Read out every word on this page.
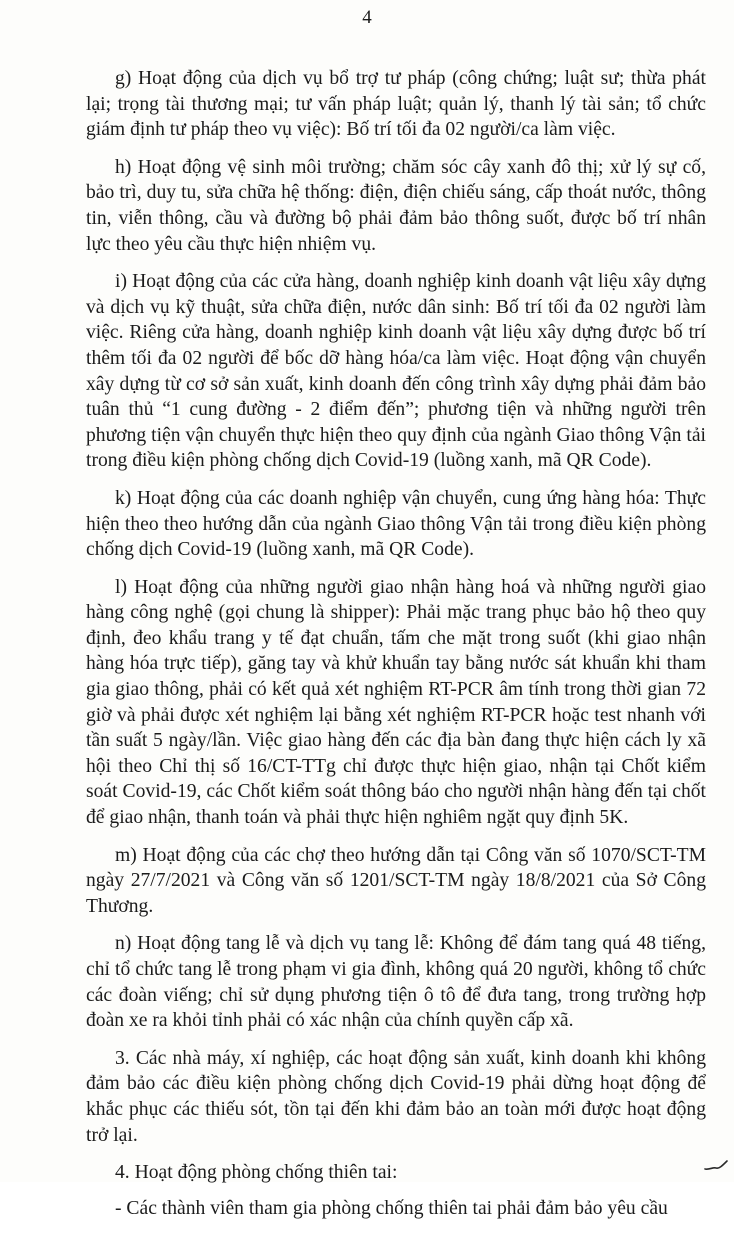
4

g) Hoạt động của dịch vụ bổ trợ tư pháp (công chứng; luật sư; thừa phát lại; trọng tài thương mại; tư vấn pháp luật; quản lý, thanh lý tài sản; tổ chức giám định tư pháp theo vụ việc): Bố trí tối đa 02 người/ca làm việc.

h) Hoạt động vệ sinh môi trường; chăm sóc cây xanh đô thị; xử lý sự cố, bảo trì, duy tu, sửa chữa hệ thống: điện, điện chiếu sáng, cấp thoát nước, thông tin, viễn thông, cầu và đường bộ phải đảm bảo thông suốt, được bố trí nhân lực theo yêu cầu thực hiện nhiệm vụ.

i) Hoạt động của các cửa hàng, doanh nghiệp kinh doanh vật liệu xây dựng và dịch vụ kỹ thuật, sửa chữa điện, nước dân sinh: Bố trí tối đa 02 người làm việc. Riêng cửa hàng, doanh nghiệp kinh doanh vật liệu xây dựng được bố trí thêm tối đa 02 người để bốc dỡ hàng hóa/ca làm việc. Hoạt động vận chuyển xây dựng từ cơ sở sản xuất, kinh doanh đến công trình xây dựng phải đảm bảo tuân thủ “1 cung đường - 2 điểm đến”; phương tiện và những người trên phương tiện vận chuyển thực hiện theo quy định của ngành Giao thông Vận tải trong điều kiện phòng chống dịch Covid-19 (luồng xanh, mã QR Code).

k) Hoạt động của các doanh nghiệp vận chuyển, cung ứng hàng hóa: Thực hiện theo theo hướng dẫn của ngành Giao thông Vận tải trong điều kiện phòng chống dịch Covid-19 (luồng xanh, mã QR Code).

l) Hoạt động của những người giao nhận hàng hoá và những người giao hàng công nghệ (gọi chung là shipper): Phải mặc trang phục bảo hộ theo quy định, đeo khẩu trang y tế đạt chuẩn, tấm che mặt trong suốt (khi giao nhận hàng hóa trực tiếp), găng tay và khử khuẩn tay bằng nước sát khuẩn khi tham gia giao thông, phải có kết quả xét nghiệm RT-PCR âm tính trong thời gian 72 giờ và phải được xét nghiệm lại bằng xét nghiệm RT-PCR hoặc test nhanh với tần suất 5 ngày/lần. Việc giao hàng đến các địa bàn đang thực hiện cách ly xã hội theo Chỉ thị số 16/CT-TTg chỉ được thực hiện giao, nhận tại Chốt kiểm soát Covid-19, các Chốt kiểm soát thông báo cho người nhận hàng đến tại chốt để giao nhận, thanh toán và phải thực hiện nghiêm ngặt quy định 5K.

m) Hoạt động của các chợ theo hướng dẫn tại Công văn số 1070/SCT-TM ngày 27/7/2021 và Công văn số 1201/SCT-TM ngày 18/8/2021 của Sở Công Thương.

n) Hoạt động tang lễ và dịch vụ tang lễ: Không để đám tang quá 48 tiếng, chỉ tổ chức tang lễ trong phạm vi gia đình, không quá 20 người, không tổ chức các đoàn viếng; chỉ sử dụng phương tiện ô tô để đưa tang, trong trường hợp đoàn xe ra khỏi tỉnh phải có xác nhận của chính quyền cấp xã.

3. Các nhà máy, xí nghiệp, các hoạt động sản xuất, kinh doanh khi không đảm bảo các điều kiện phòng chống dịch Covid-19 phải dừng hoạt động để khắc phục các thiếu sót, tồn tại đến khi đảm bảo an toàn mới được hoạt động trở lại.

4. Hoạt động phòng chống thiên tai:

- Các thành viên tham gia phòng chống thiên tai phải đảm bảo yêu cầu
